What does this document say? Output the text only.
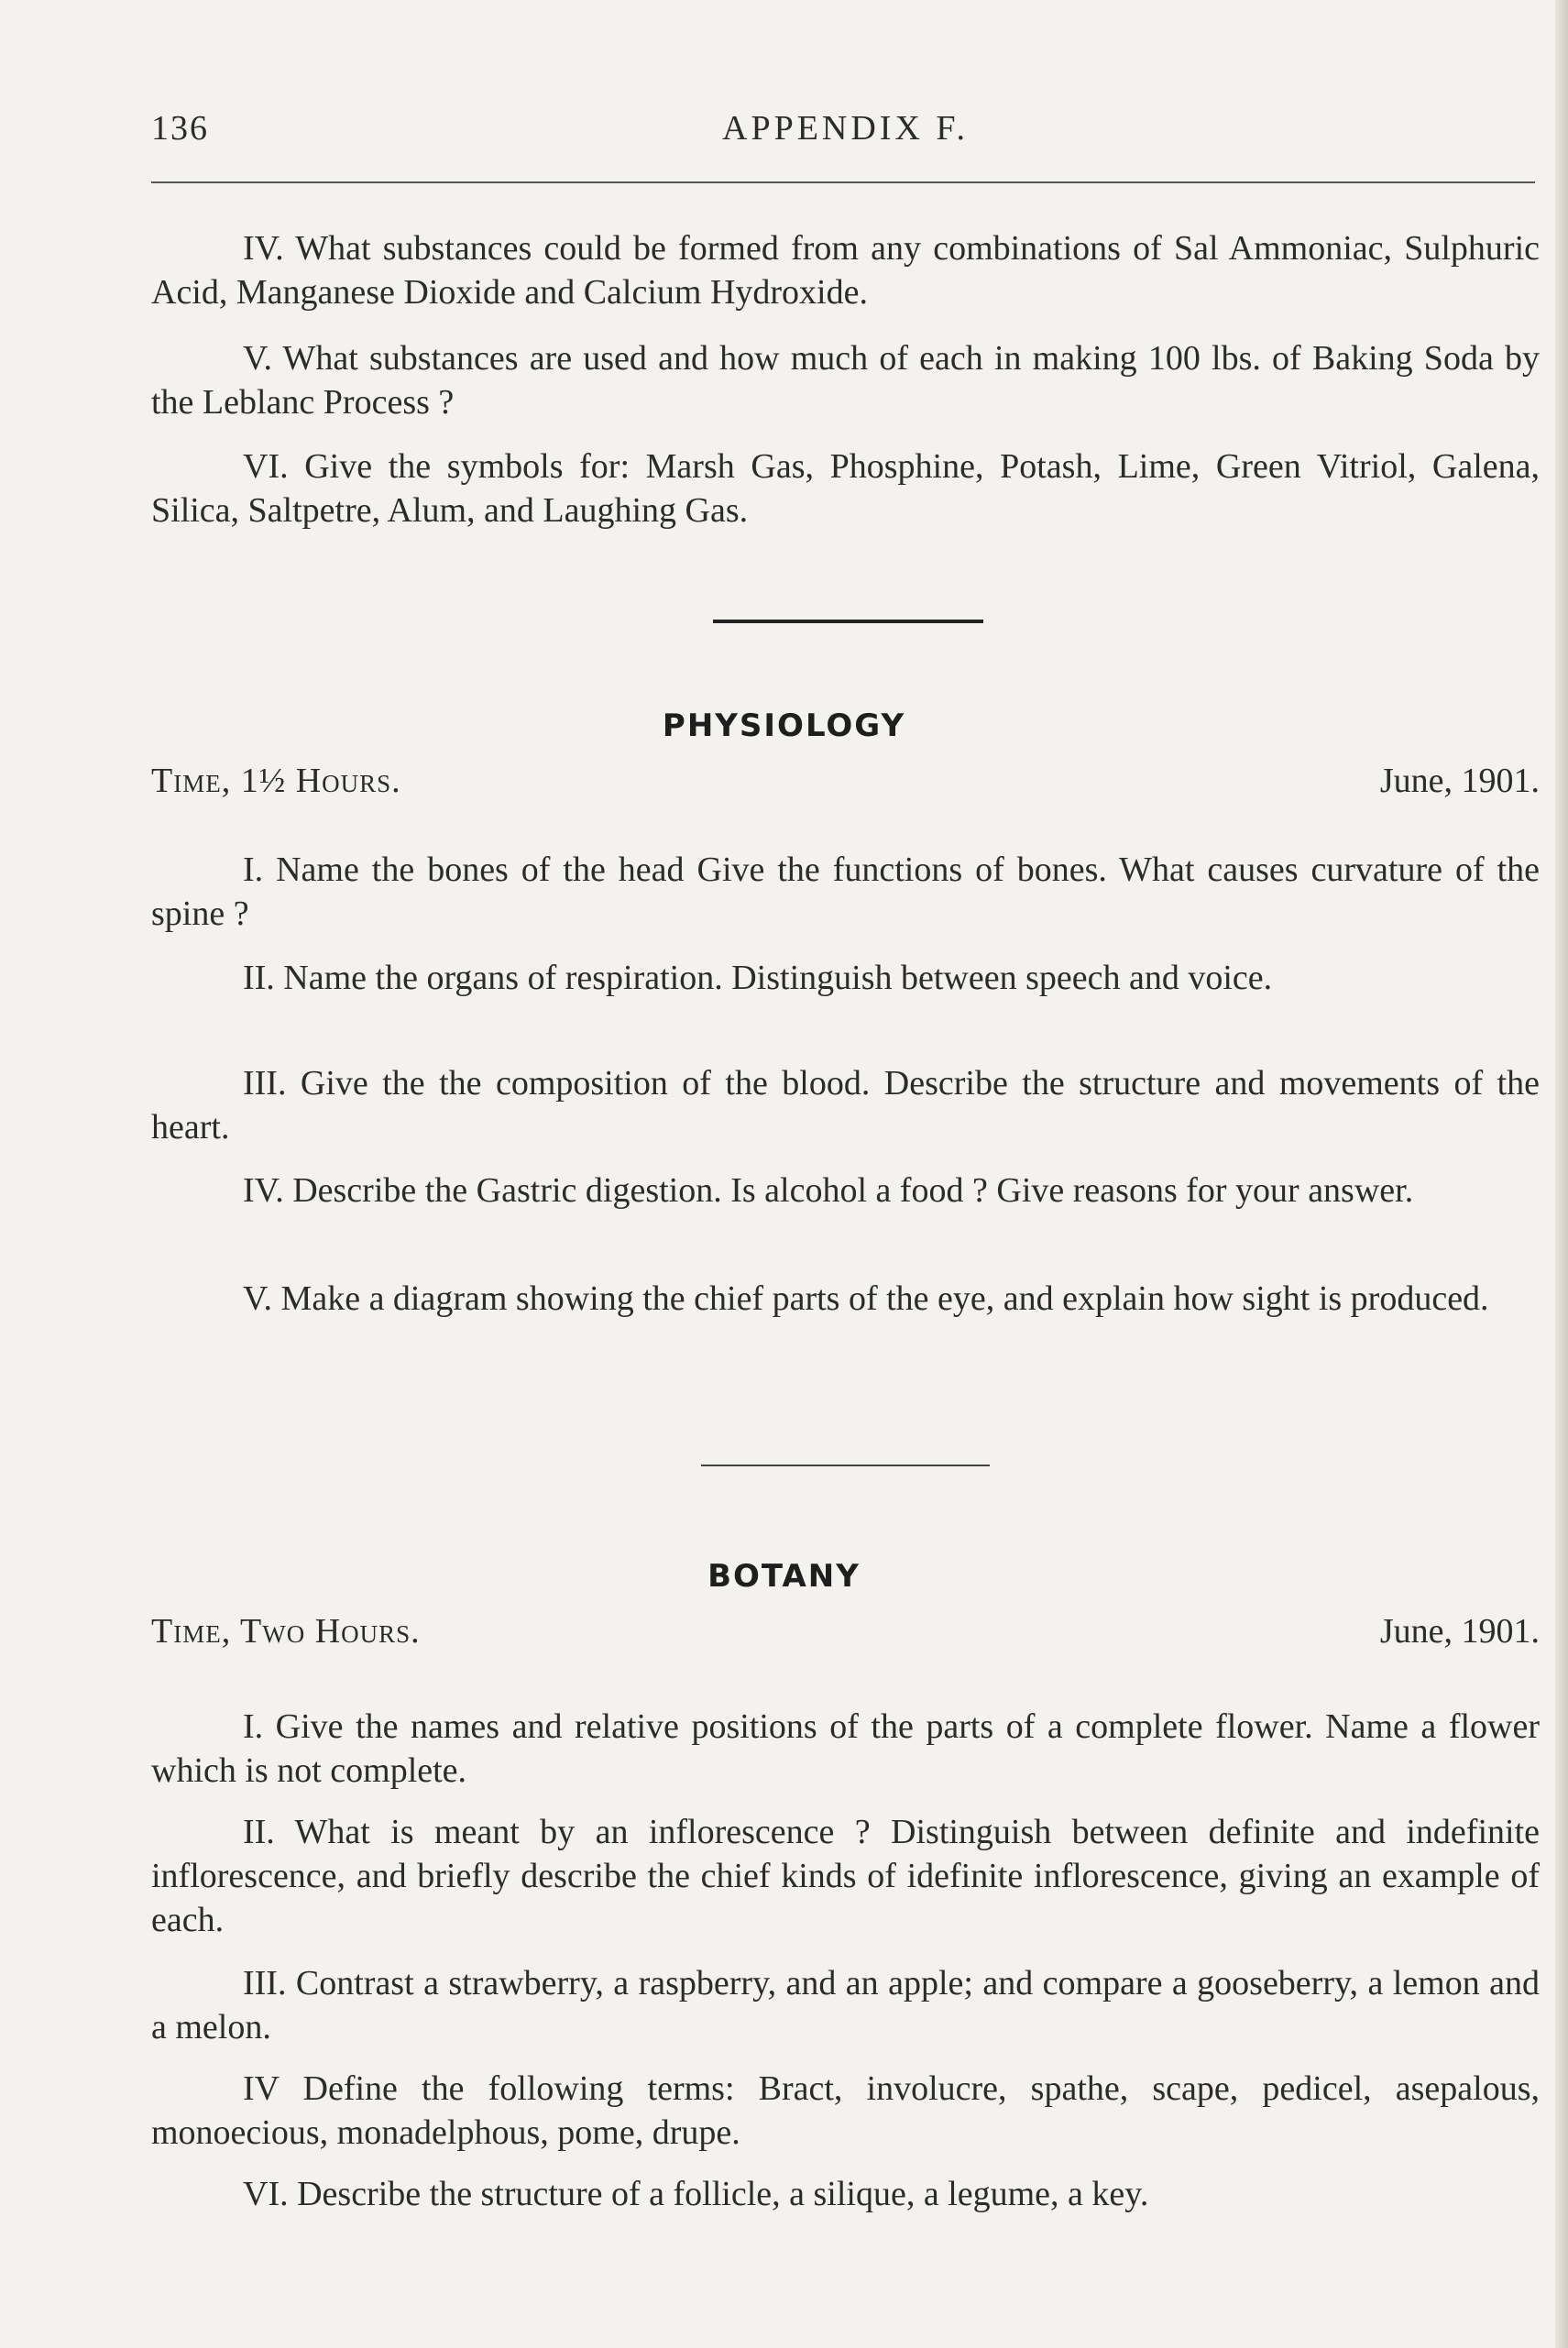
136	APPENDIX F.

IV. What substances could be formed from any combinations of Sal Ammoniac, Sulphuric Acid, Manganese Dioxide and Calcium Hydroxide.

V. What substances are used and how much of each in making 100 lbs. of Baking Soda by the Leblanc Process ?

VI. Give the symbols for: Marsh Gas, Phosphine, Potash, Lime, Green Vitriol, Galena, Silica, Saltpetre, Alum, and Laughing Gas.

PHYSIOLOGY
Time, 1½ Hours.	June, 1901.

I. Name the bones of the head Give the functions of bones. What causes curvature of the spine ?

II. Name the organs of respiration. Distinguish between speech and voice.

III. Give the the composition of the blood. Describe the structure and movements of the heart.

IV. Describe the Gastric digestion. Is alcohol a food ? Give reasons for your answer.

V. Make a diagram showing the chief parts of the eye, and explain how sight is produced.

BOTANY
Time, Two Hours.	June, 1901.

I. Give the names and relative positions of the parts of a complete flower. Name a flower which is not complete.

II. What is meant by an inflorescence ? Distinguish between definite and indefinite inflorescence, and briefly describe the chief kinds of idefinite inflorescence, giving an example of each.

III. Contrast a strawberry, a raspberry, and an apple; and compare a gooseberry, a lemon and a melon.

IV Define the following terms: Bract, involucre, spathe, scape, pedicel, asepalous, monoecious, monadelphous, pome, drupe.

VI. Describe the structure of a follicle, a silique, a legume, a key.
